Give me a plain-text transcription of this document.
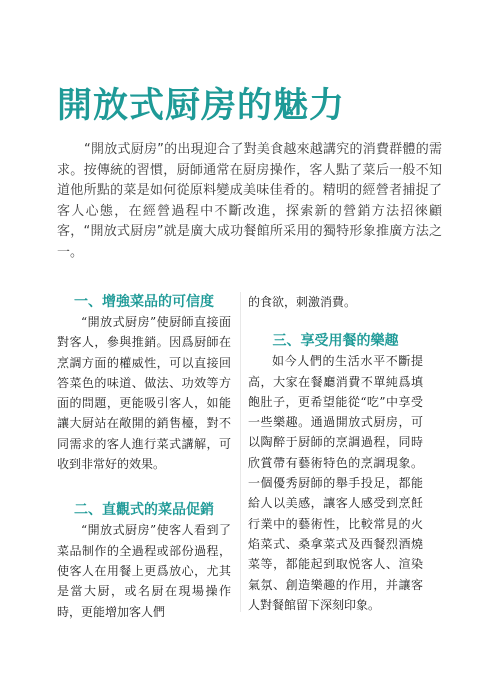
開放式厨房的魅力

“開放式厨房”的出現迎合了對美食越來越講究的消費群體的需求。按傳統的習慣，厨師通常在厨房操作，客人點了菜后一般不知道他所點的菜是如何從原料變成美味佳肴的。精明的經營者捕捉了客人心態，在經營過程中不斷改進，探索新的營銷方法招徠顧客，“開放式厨房”就是廣大成功餐館所采用的獨特形象推廣方法之一。

一、增強菜品的可信度

“開放式厨房”使厨師直接面對客人，參與推銷。因爲厨師在烹調方面的權威性，可以直接回答菜色的味道、做法、功效等方面的問題，更能吸引客人，如能讓大厨站在敞開的銷售檯，對不同需求的客人進行菜式講解，可收到非常好的效果。

二、直觀式的菜品促銷

“開放式厨房”使客人看到了菜品制作的全過程或部份過程，使客人在用餐上更爲放心，尤其是當大厨，或名厨在現場操作時，更能增加客人們

的食欲，刺激消費。

三、享受用餐的樂趣

如今人們的生活水平不斷提高，大家在餐廳消費不單純爲填飽肚子，更希望能從“吃”中享受一些樂趣。通過開放式厨房，可以陶醉于厨師的烹調過程，同時欣賞帶有藝術特色的烹調現象。一個優秀厨師的舉手投足，都能給人以美感，讓客人感受到烹飪行業中的藝術性，比較常見的火焰菜式、桑拿菜式及西餐烈酒燒菜等，都能起到取悦客人、渲染氣氛、創造樂趣的作用，并讓客人對餐館留下深刻印象。
